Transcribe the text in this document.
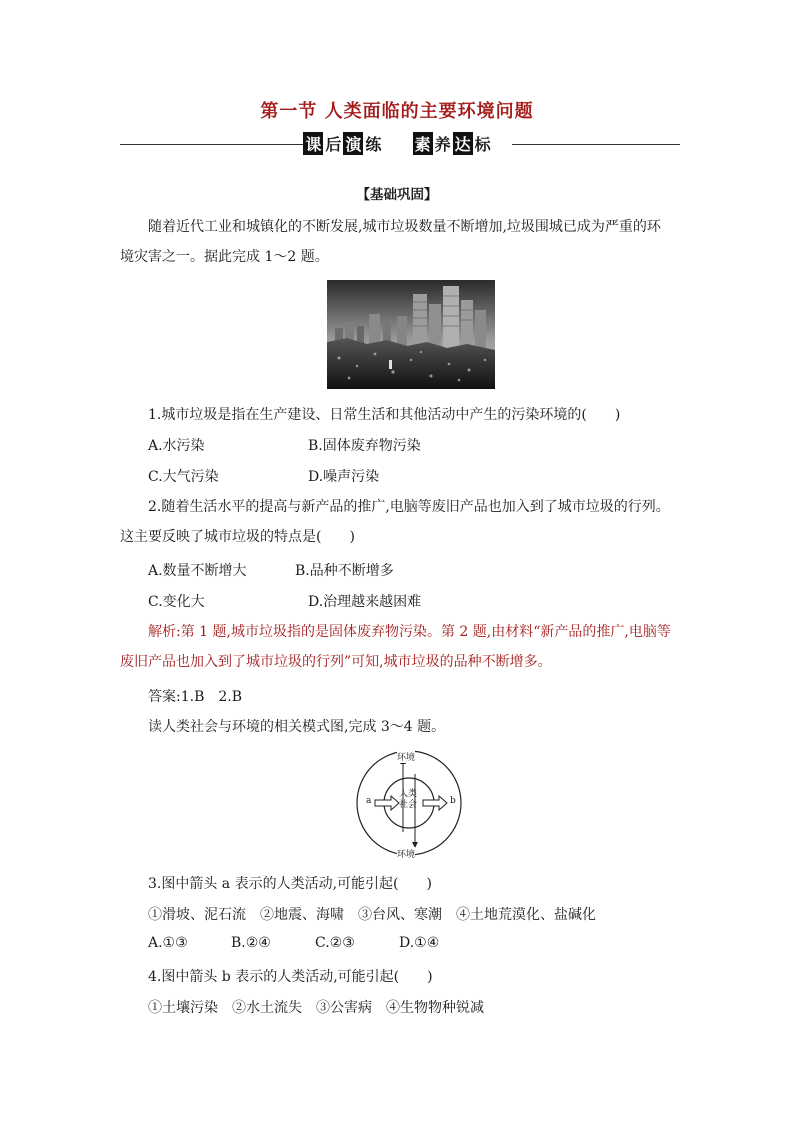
第一节 人类面临的主要环境问题
课 后 演 练 素 养 达 标
【基础巩固】
随着近代工业和城镇化的不断发展,城市垃圾数量不断增加,垃圾围城已成为严重的环
境灾害之一。据此完成 1～2 题。
1.城市垃圾是指在生产建设、日常生活和其他活动中产生的污染环境的(　　)
A.水污染	B.固体废弃物污染
C.大气污染	D.噪声污染
2.随着生活水平的提高与新产品的推广,电脑等废旧产品也加入到了城市垃圾的行列。
这主要反映了城市垃圾的特点是(　　)
A.数量不断增大	B.品种不断增多
C.变化大	D.治理越来越困难
解析:第 1 题,城市垃圾指的是固体废弃物污染。第 2 题,由材料“新产品的推广,电脑等
废旧产品也加入到了城市垃圾的行列”可知,城市垃圾的品种不断增多。
答案:1.B　2.B
读人类社会与环境的相关模式图,完成 3～4 题。
环境
环境
人类
社会
a	b
3.图中箭头 a 表示的人类活动,可能引起(　　)
①滑坡、泥石流　②地震、海啸　③台风、寒潮　④土地荒漠化、盐碱化
A.①③	B.②④	C.②③	D.①④
4.图中箭头 b 表示的人类活动,可能引起(　　)
①土壤污染　②水土流失　③公害病　④生物物种锐减
